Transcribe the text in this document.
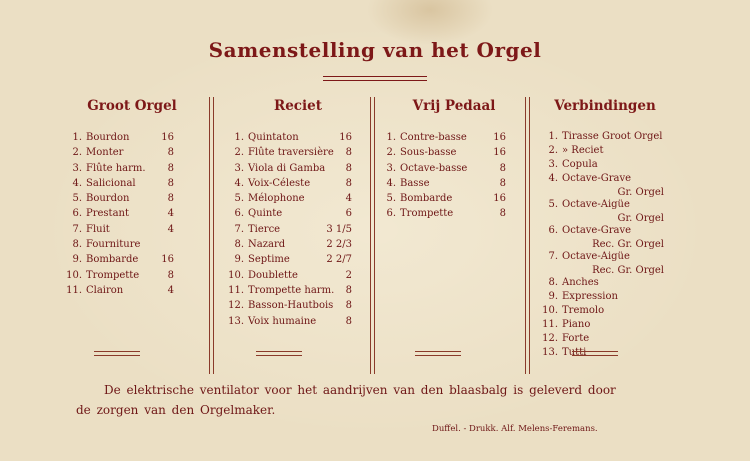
Samenstelling van het Orgel
Groot Orgel	Reciet	Vrij Pedaal	Verbindingen
1. Bourdon	16
2. Monter	8
3. Flûte harm. 8
4. Salicional	8
5. Bourdon	8
6. Prestant	4
7. Fluit	4
8. Fourniture
9. Bombarde 16
10. Trompette	8
11. Clairon	4
1. Quintaton	16
2. Flûte traversière 8
3. Viola di Gamba 8
4. Voix-Céleste	8
5. Mélophone	4
6. Quinte	6
7. Tierce	3 1/5
8. Nazard	2 2/3
9. Septime	2 2/7
10. Doublette	2
11. Trompette harm. 8
12. Basson-Hautbois 8
13. Voix humaine	8
1. Contre-basse	16
2. Sous-basse	16
3. Octave-basse	8
4. Basse	8
5. Bombarde	16
6. Trompette	8
1. Tirasse Groot Orgel
2. » Reciet
3. Copula
4. Octave-Grave
Gr. Orgel
5. Octave-Aigüe
Gr. Orgel
6. Octave-Grave
Rec. Gr. Orgel
7. Octave-Aigüe
Rec. Gr. Orgel
8. Anches
9. Expression
10. Tremolo
11. Piano
12. Forte
13. Tutti
De elektrische ventilator voor het aandrijven van den blaasbalg is geleverd door
de zorgen van den Orgelmaker.
Duffel. - Drukk. Alf. Melens-Feremans.
